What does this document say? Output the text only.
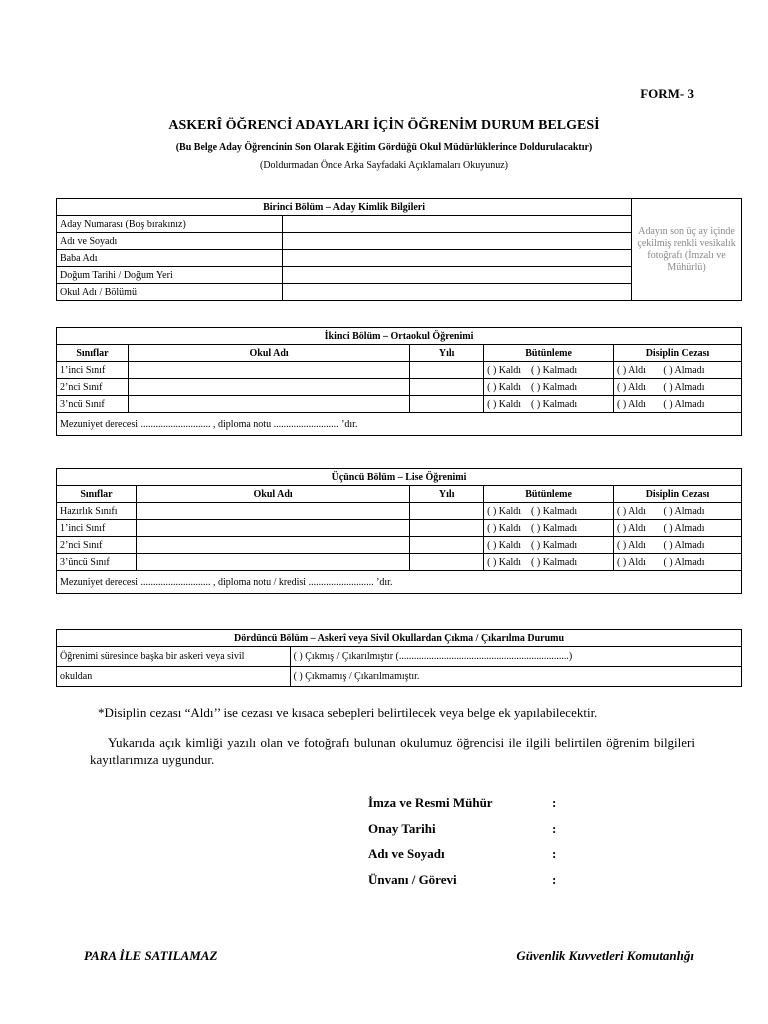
FORM- 3
ASKERÎ ÖĞRENCİ ADAYLARI İÇİN ÖĞRENİM DURUM BELGESİ
(Bu Belge Aday Öğrencinin Son Olarak Eğitim Gördüğü Okul Müdürlüklerince Doldurulacaktır)
(Doldurmadan Önce Arka Sayfadaki Açıklamaları Okuyunuz)
Birinci Bölüm – Aday Kimlik Bilgileri		Adayın son üç ay içinde çekilmiş renkli vesikalık fotoğrafı (İmzalı ve Mühürlü)
Aday Numarası (Boş bırakınız)		
Adı ve Soyadı		
Baba Adı		
Doğum Tarihi / Doğum Yeri		
Okul Adı / Bölümü		
İkinci Bölüm – Ortaokul Öğrenimi				
Sınıflar	Okul Adı	Yılı	Bütünleme	Disiplin Cezası
1’inci Sınıf			( ) Kaldı ( ) Kalmadı	( ) Aldı ( ) Almadı
2’nci Sınıf			( ) Kaldı ( ) Kalmadı	( ) Aldı ( ) Almadı
3’ncü Sınıf			( ) Kaldı ( ) Kalmadı	( ) Aldı ( ) Almadı
Mezuniyet derecesi ............................ , diploma notu .......................... ’dır.				
Üçüncü Bölüm – Lise Öğrenimi				
Sınıflar	Okul Adı	Yılı	Bütünleme	Disiplin Cezası
Hazırlık Sınıfı			( ) Kaldı ( ) Kalmadı	( ) Aldı ( ) Almadı
1’inci Sınıf			( ) Kaldı ( ) Kalmadı	( ) Aldı ( ) Almadı
2’nci Sınıf			( ) Kaldı ( ) Kalmadı	( ) Aldı ( ) Almadı
3’üncü Sınıf			( ) Kaldı ( ) Kalmadı	( ) Aldı ( ) Almadı
Mezuniyet derecesi ............................ , diploma notu / kredisi .......................... ’dır.				
Dördüncü Bölüm – Askerî veya Sivil Okullardan Çıkma / Çıkarılma Durumu	
Öğrenimi süresince başka bir askeri veya sivil	( ) Çıkmış / Çıkarılmıştır (....................................................................)
okuldan	( ) Çıkmamış / Çıkarılmamıştır.
*Disiplin cezası “Aldı’’ ise cezası ve kısaca sebepleri belirtilecek veya belge ek yapılabilecektir.
Yukarıda açık kimliği yazılı olan ve fotoğrafı bulunan okulumuz öğrencisi ile ilgili belirtilen öğrenim bilgileri kayıtlarımıza uygundur.
İmza ve Resmi Mühür	:
Onay Tarihi	:
Adı ve Soyadı	:
Ünvanı / Görevi	:
PARA İLE SATILAMAZ	Güvenlik Kuvvetleri Komutanlığı
